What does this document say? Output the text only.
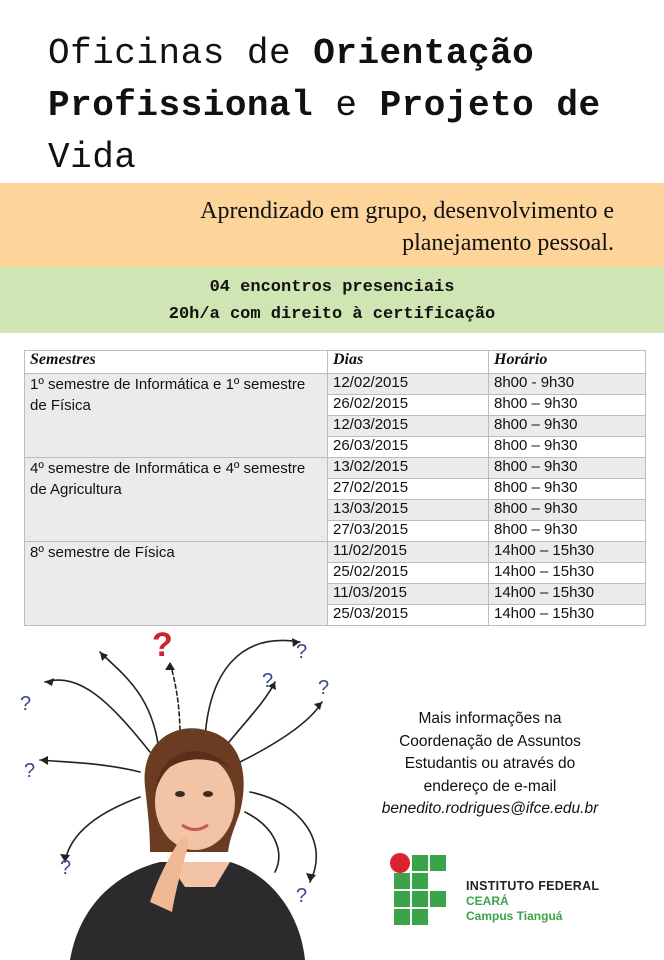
Oficinas de Orientação
Profissional e Projeto de
Vida
Aprendizado em grupo, desenvolvimento e
planejamento pessoal.
04 encontros presenciais
20h/a com direito à certificação
Semestres	Dias	Horário
1º semestre de Informática e 1º semestre de Física	12/02/2015	8h00 - 9h30
	26/02/2015	8h00 – 9h30
	12/03/2015	8h00 – 9h30
	26/03/2015	8h00 – 9h30
4º semestre de Informática e 4º semestre de Agricultura	13/02/2015	8h00 – 9h30
	27/02/2015	8h00 – 9h30
	13/03/2015	8h00 – 9h30
	27/03/2015	8h00 – 9h30
8º semestre de Física	11/02/2015	14h00 – 15h30
	25/02/2015	14h00 – 15h30
	11/03/2015	14h00 – 15h30
	25/03/2015	14h00 – 15h30
?
?
?
?
?
?
?
?
Mais informações na
Coordenação de Assuntos
Estudantis ou através do
endereço de e-mail
benedito.rodrigues@ifce.edu.br
INSTITUTO FEDERAL
CEARÁ
Campus Tianguá
